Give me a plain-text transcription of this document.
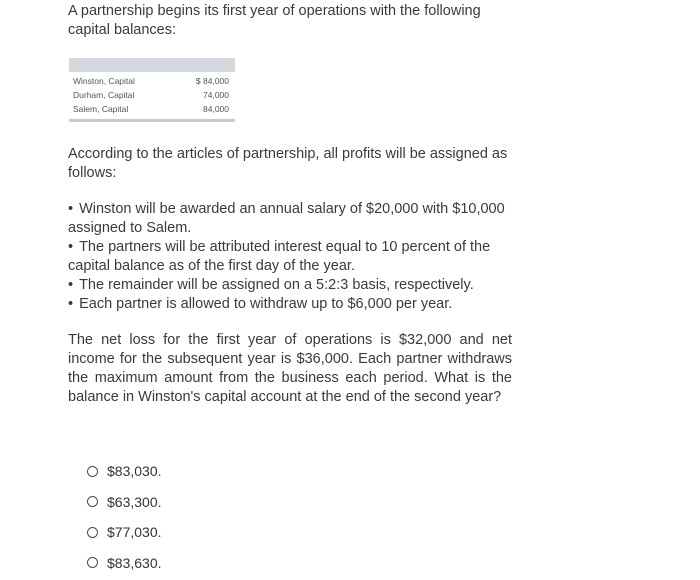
A partnership begins its first year of operations with the following capital balances:
Winston, Capital	$ 84,000
Durham, Capital	74,000
Salem, Capital	84,000
According to the articles of partnership, all profits will be assigned as follows:
• Winston will be awarded an annual salary of $20,000 with $10,000 assigned to Salem.
• The partners will be attributed interest equal to 10 percent of the capital balance as of the first day of the year.
• The remainder will be assigned on a 5:2:3 basis, respectively.
• Each partner is allowed to withdraw up to $6,000 per year.
The net loss for the first year of operations is $32,000 and net income for the subsequent year is $36,000. Each partner withdraws the maximum amount from the business each period. What is the balance in Winston's capital account at the end of the second year?
$83,030.
$63,300.
$77,030.
$83,630.
